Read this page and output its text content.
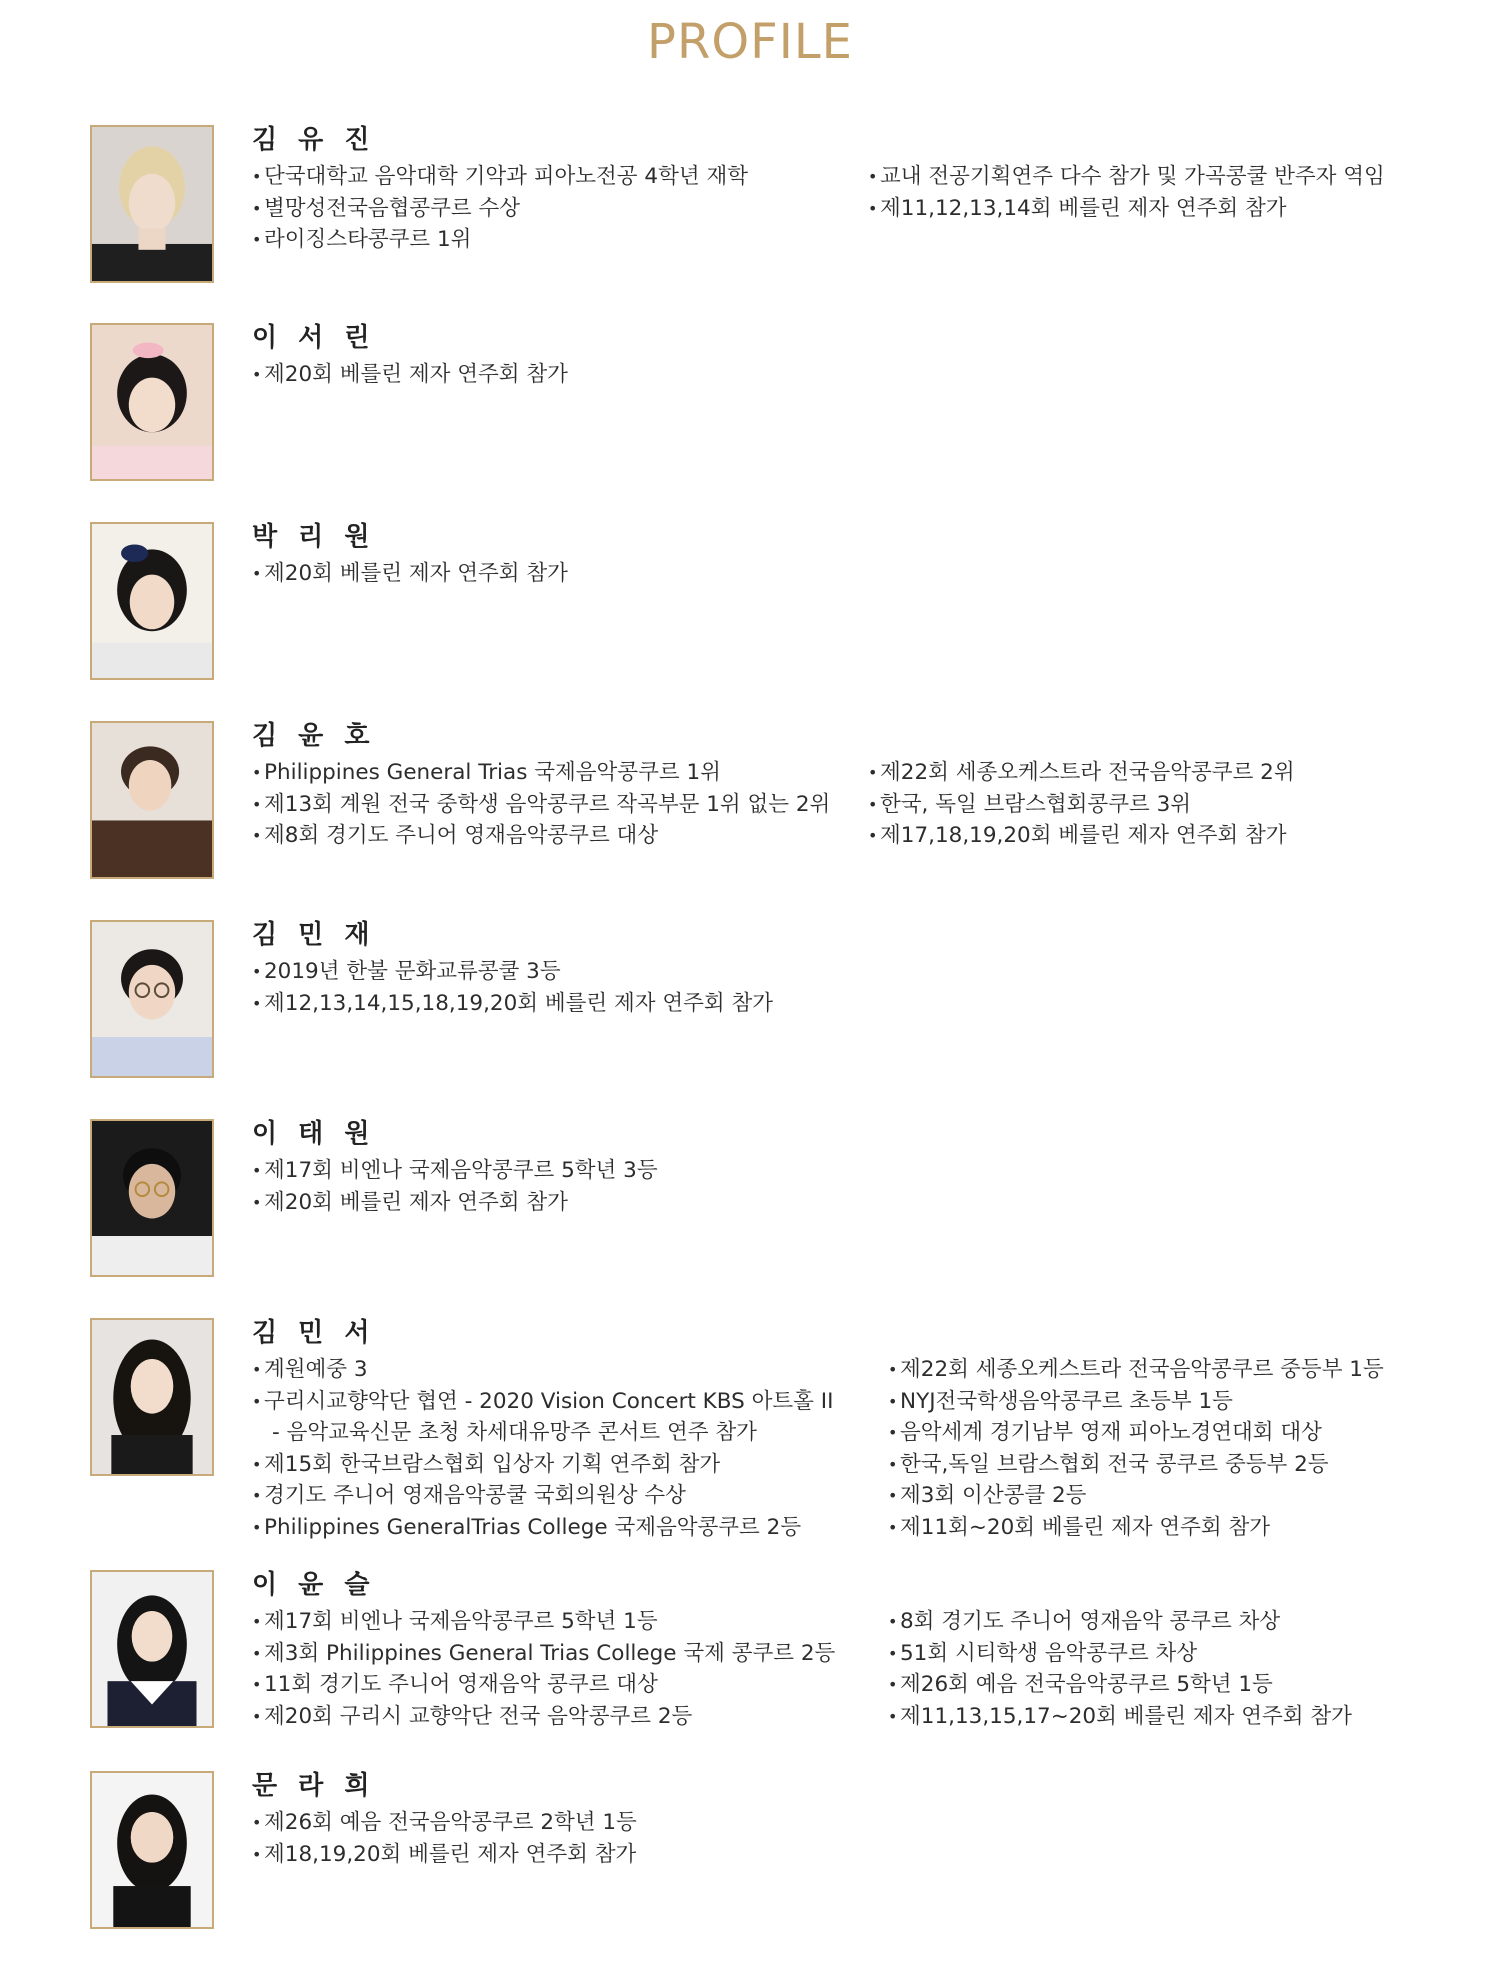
PROFILE
김 유 진
• 단국대학교 음악대학 기악과 피아노전공 4학년 재학
• 별망성전국음협콩쿠르 수상
• 라이징스타콩쿠르 1위
• 교내 전공기획연주 다수 참가 및 가곡콩쿨 반주자 역임
• 제11,12,13,14회 베를린 제자 연주회 참가
이 서 린
• 제20회 베를린 제자 연주회 참가
박 리 원
• 제20회 베를린 제자 연주회 참가
김 윤 호
• Philippines General Trias 국제음악콩쿠르 1위
• 제13회 계원 전국 중학생 음악콩쿠르 작곡부문 1위 없는 2위
• 제8회 경기도 주니어 영재음악콩쿠르 대상
• 제22회 세종오케스트라 전국음악콩쿠르 2위
• 한국, 독일 브람스협회콩쿠르 3위
• 제17,18,19,20회 베를린 제자 연주회 참가
김 민 재
• 2019년 한불 문화교류콩쿨 3등
• 제12,13,14,15,18,19,20회 베를린 제자 연주회 참가
이 태 원
• 제17회 비엔나 국제음악콩쿠르 5학년 3등
• 제20회 베를린 제자 연주회 참가
김 민 서
• 계원예중 3
• 구리시교향악단 협연 - 2020 Vision Concert KBS 아트홀 II
- 음악교육신문 초청 차세대유망주 콘서트 연주 참가
• 제15회 한국브람스협회 입상자 기획 연주회 참가
• 경기도 주니어 영재음악콩쿨 국회의원상 수상
• Philippines GeneralTrias College 국제음악콩쿠르 2등
• 제22회 세종오케스트라 전국음악콩쿠르 중등부 1등
• NYJ전국학생음악콩쿠르 초등부 1등
• 음악세계 경기남부 영재 피아노경연대회 대상
• 한국,독일 브람스협회 전국 콩쿠르 중등부 2등
• 제3회 이산콩클 2등
• 제11회~20회 베를린 제자 연주회 참가
이 윤 슬
• 제17회 비엔나 국제음악콩쿠르 5학년 1등
• 제3회 Philippines General Trias College 국제 콩쿠르 2등
• 11회 경기도 주니어 영재음악 콩쿠르 대상
• 제20회 구리시 교향악단 전국 음악콩쿠르 2등
• 8회 경기도 주니어 영재음악 콩쿠르 차상
• 51회 시티학생 음악콩쿠르 차상
• 제26회 예음 전국음악콩쿠르 5학년 1등
• 제11,13,15,17~20회 베를린 제자 연주회 참가
문 라 희
• 제26회 예음 전국음악콩쿠르 2학년 1등
• 제18,19,20회 베를린 제자 연주회 참가
